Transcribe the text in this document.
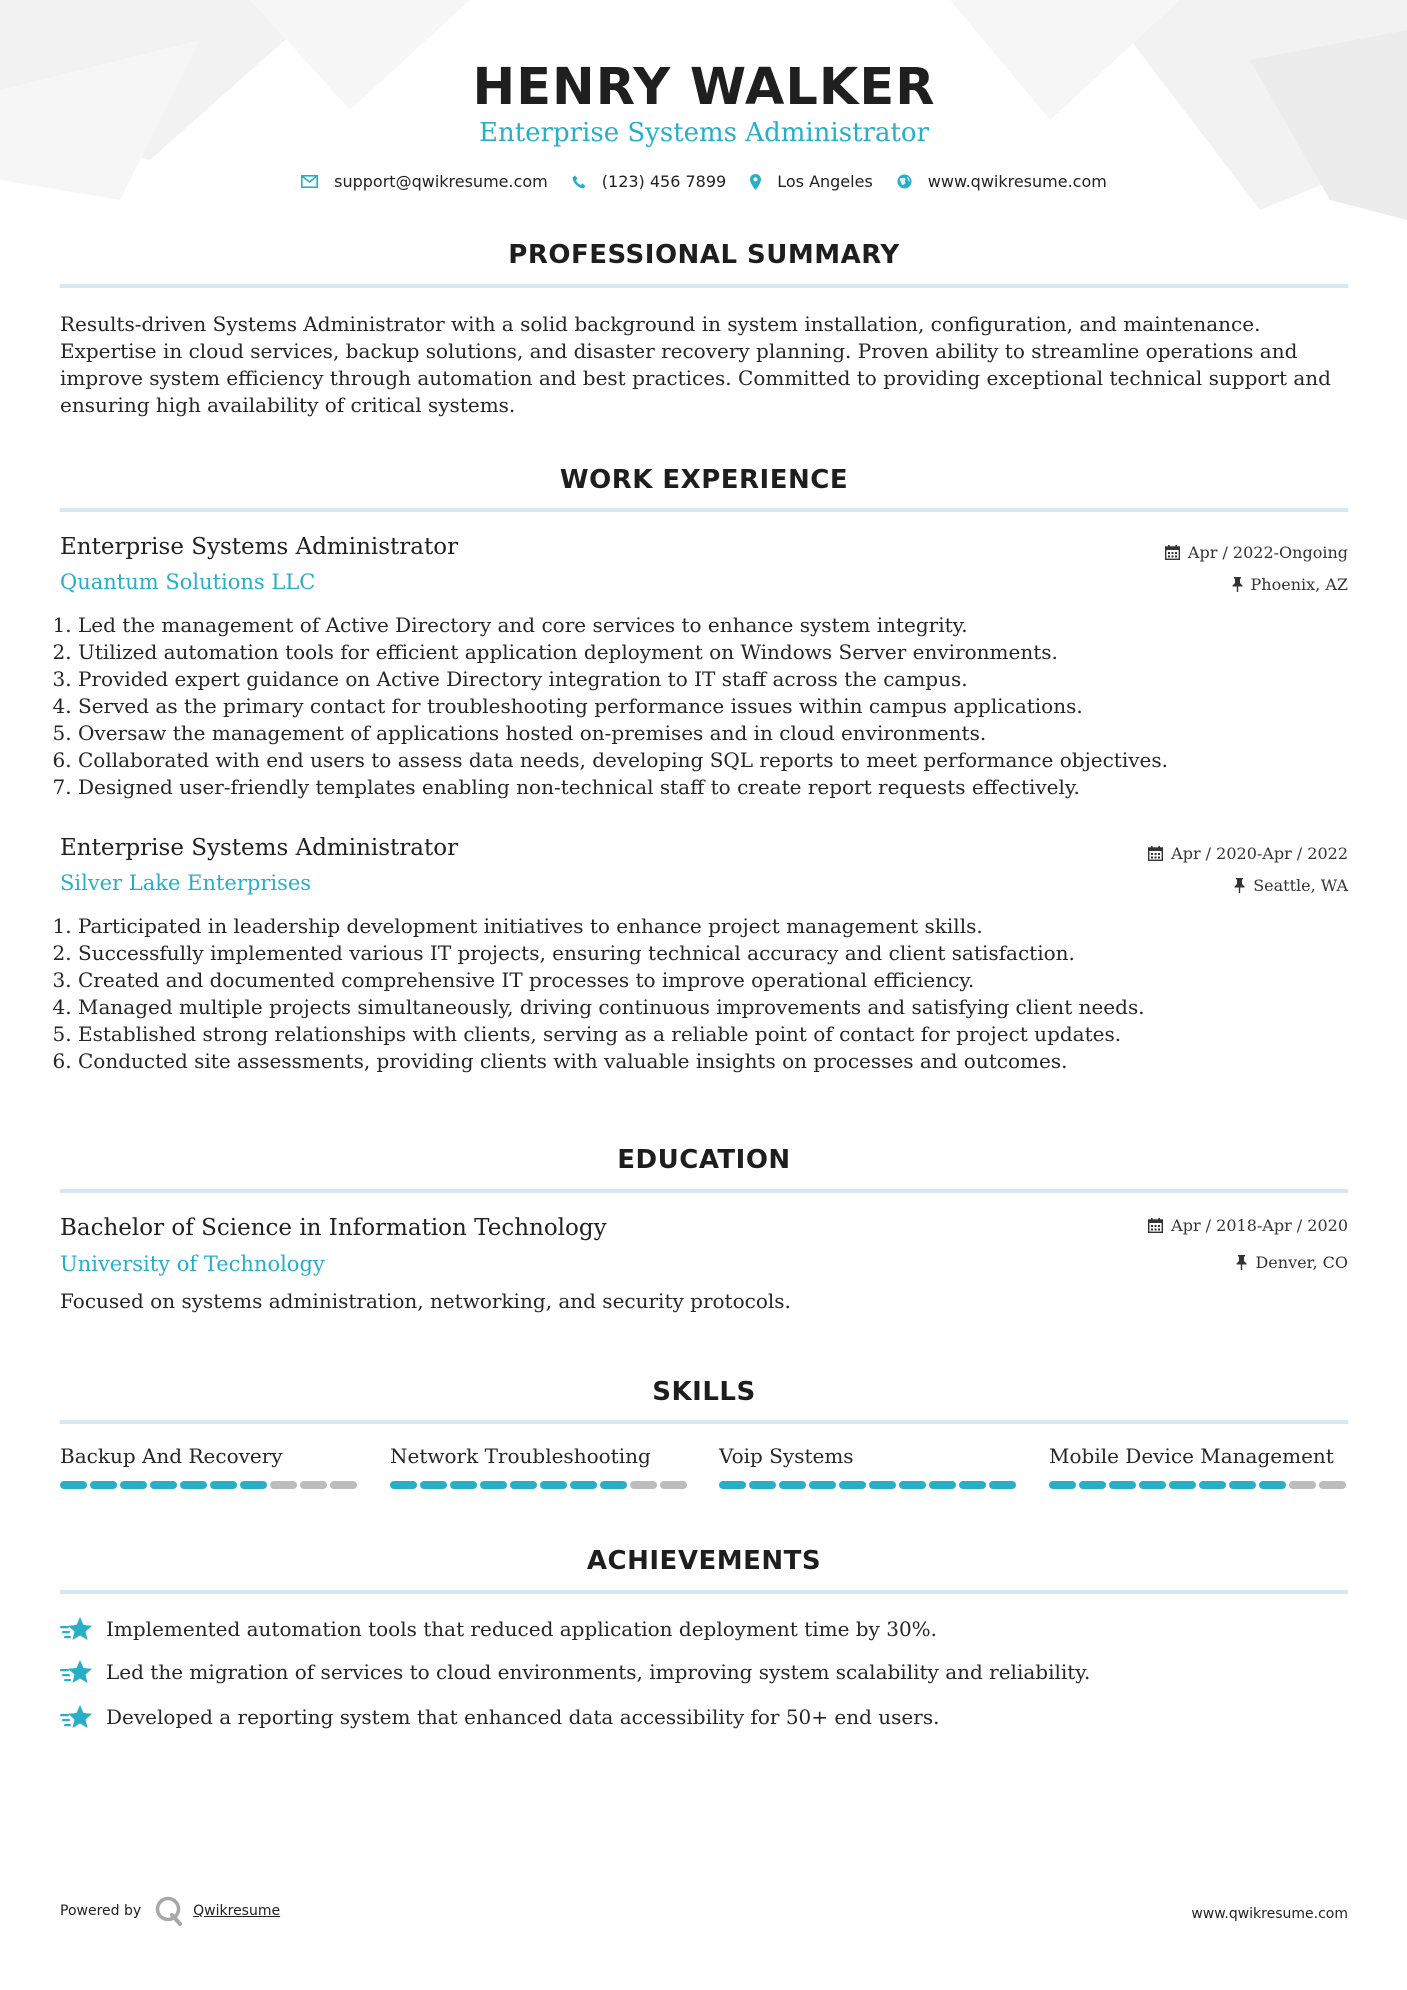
HENRY WALKER
Enterprise Systems Administrator
support@qwikresume.com	(123) 456 7899	Los Angeles	www.qwikresume.com
PROFESSIONAL SUMMARY
Results-driven Systems Administrator with a solid background in system installation, configuration, and maintenance. Expertise in cloud services, backup solutions, and disaster recovery planning. Proven ability to streamline operations and improve system efficiency through automation and best practices. Committed to providing exceptional technical support and ensuring high availability of critical systems.
WORK EXPERIENCE
Enterprise Systems Administrator	Apr / 2022-Ongoing
Quantum Solutions LLC	Phoenix, AZ
1. Led the management of Active Directory and core services to enhance system integrity.
2. Utilized automation tools for efficient application deployment on Windows Server environments.
3. Provided expert guidance on Active Directory integration to IT staff across the campus.
4. Served as the primary contact for troubleshooting performance issues within campus applications.
5. Oversaw the management of applications hosted on-premises and in cloud environments.
6. Collaborated with end users to assess data needs, developing SQL reports to meet performance objectives.
7. Designed user-friendly templates enabling non-technical staff to create report requests effectively.
Enterprise Systems Administrator	Apr / 2020-Apr / 2022
Silver Lake Enterprises	Seattle, WA
1. Participated in leadership development initiatives to enhance project management skills.
2. Successfully implemented various IT projects, ensuring technical accuracy and client satisfaction.
3. Created and documented comprehensive IT processes to improve operational efficiency.
4. Managed multiple projects simultaneously, driving continuous improvements and satisfying client needs.
5. Established strong relationships with clients, serving as a reliable point of contact for project updates.
6. Conducted site assessments, providing clients with valuable insights on processes and outcomes.
EDUCATION
Bachelor of Science in Information Technology	Apr / 2018-Apr / 2020
University of Technology	Denver, CO
Focused on systems administration, networking, and security protocols.
SKILLS
Backup And Recovery	Network Troubleshooting	Voip Systems	Mobile Device Management
ACHIEVEMENTS
Implemented automation tools that reduced application deployment time by 30%.
Led the migration of services to cloud environments, improving system scalability and reliability.
Developed a reporting system that enhanced data accessibility for 50+ end users.
Powered by	Qwikresume	www.qwikresume.com
